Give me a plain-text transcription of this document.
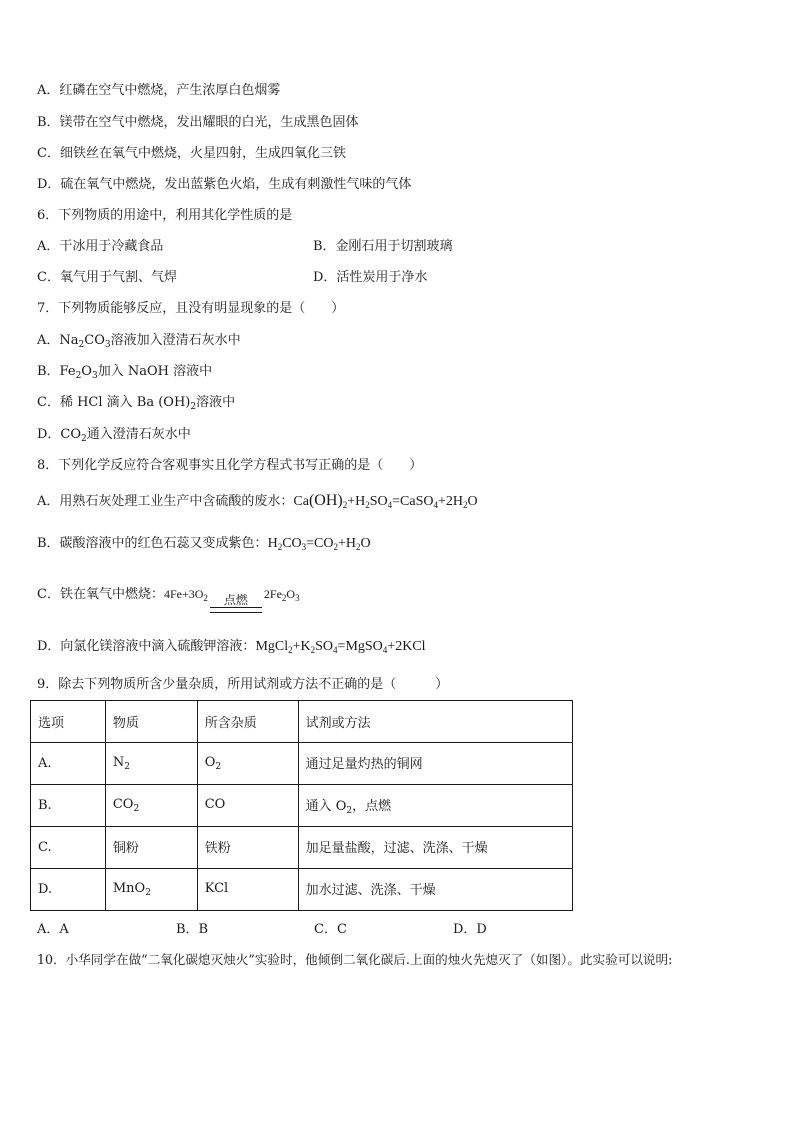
A．红磷在空气中燃烧，产生浓厚白色烟雾
B．镁带在空气中燃烧，发出耀眼的白光，生成黑色固体
C．细铁丝在氧气中燃烧，火星四射，生成四氧化三铁
D．硫在氧气中燃烧，发出蓝紫色火焰，生成有刺激性气味的气体
6．下列物质的用途中，利用其化学性质的是
A．干冰用于冷藏食品	B．金刚石用于切割玻璃
C．氧气用于气割、气焊	D．活性炭用于净水
7．下列物质能够反应，且没有明显现象的是（　　）
A．$Na_2CO_3$溶液加入澄清石灰水中
B．$Fe_2O_3$加入 NaOH 溶液中
C．稀 HCl 滴入 Ba $(OH)_2$溶液中
D．$CO_2$通入澄清石灰水中
8．下列化学反应符合客观事实且化学方程式书写正确的是（　　）
A．用熟石灰处理工业生产中含硫酸的废水：$Ca(OH)_2+H_2SO_4=CaSO_4+2H_2O$
B．碳酸溶液中的红色石蕊又变成紫色：$H_2CO_3=CO_2+H_2O$
C．铁在氧气中燃烧：$4Fe+3O_2$	点燃	$2Fe_2O_3$
D．向氯化镁溶液中滴入硫酸钾溶液：$MgCl_2+K_2SO_4=MgSO_4+2KCl$
9．除去下列物质所含少量杂质，所用试剂或方法不正确的是（　　　）
选项	物质	所含杂质	试剂或方法
A.	$N_2$	$O_2$	通过足量灼热的铜网
B.	$CO_2$	CO	通入 $O_2$，点燃
C.	铜粉	铁粉	加足量盐酸，过滤、洗涤、干燥
D.	MnO$_2$	KCl	加水过滤、洗涤、干燥
A．A	B．B	C．C	D．D
10．小华同学在做“二氧化碳熄灭烛火”实验时，他倾倒二氧化碳后.上面的烛火先熄灭了（如图）。此实验可以说明:
